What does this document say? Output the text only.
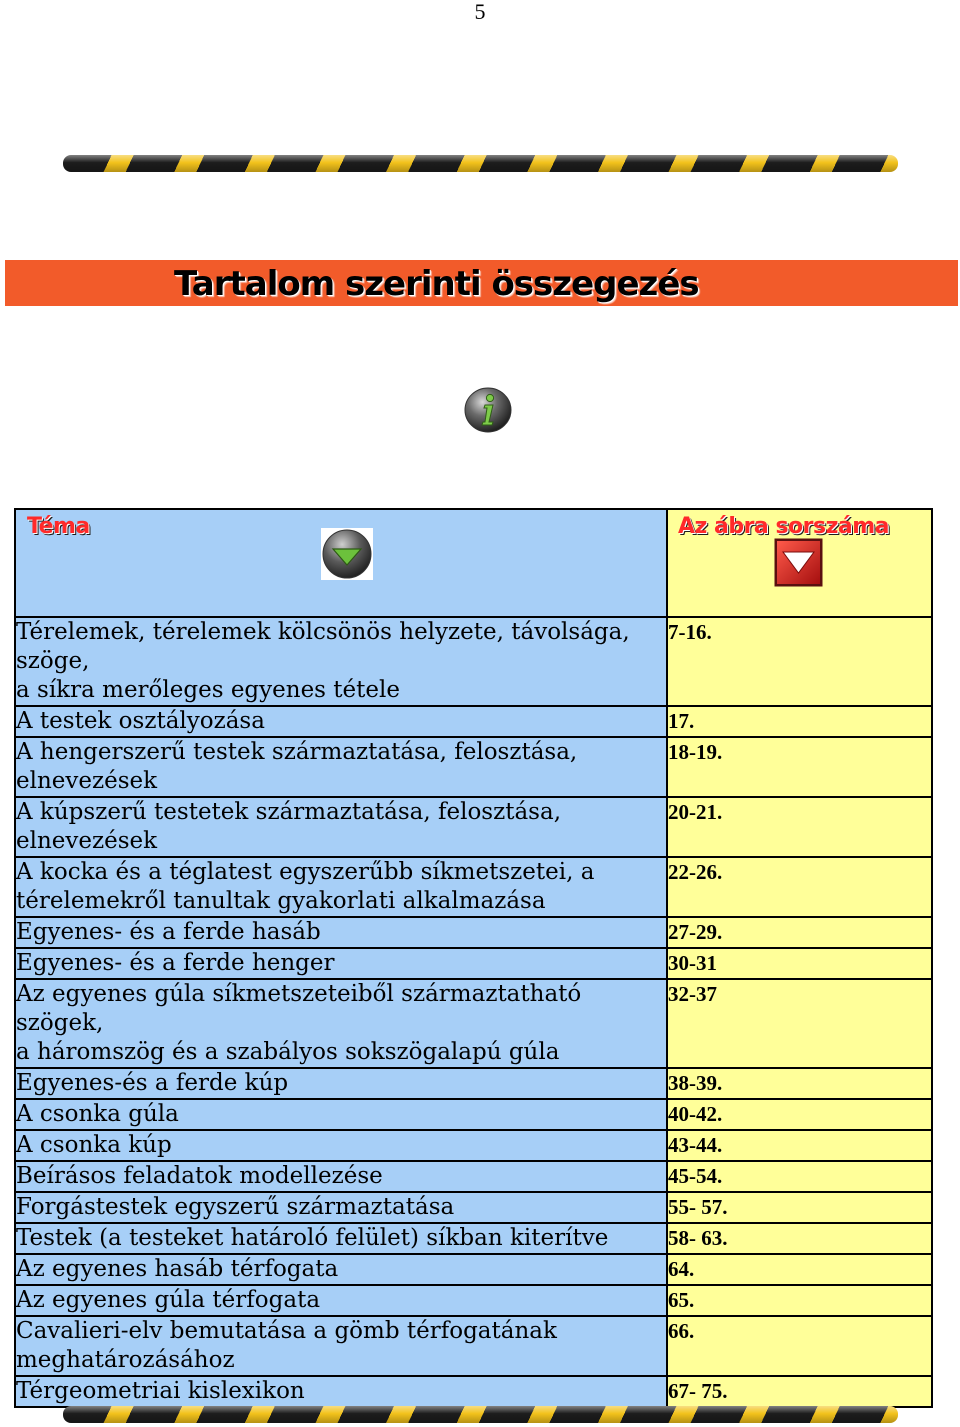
5
Tartalom szerinti összegezés
Téma	Az ábra sorszáma

Térelemek, térelemek kölcsönös helyzete, távolsága,
szöge,
a síkra merőleges egyenes tétele	7-16.
A testek osztályozása	17.
A hengerszerű testek származtatása, felosztása,
elnevezések	18-19.
A kúpszerű testetek származtatása, felosztása,
elnevezések	20-21.
A kocka és a téglatest egyszerűbb síkmetszetei, a
térelemekről tanultak gyakorlati alkalmazása	22-26.
Egyenes- és a ferde hasáb	27-29.
Egyenes- és a ferde henger	30-31
Az egyenes gúla síkmetszeteiből származtatható szögek,
a háromszög és a szabályos sokszögalapú gúla	32-37
Egyenes-és a ferde kúp	38-39.
A csonka gúla	40-42.
A csonka kúp	43-44.
Beírásos feladatok modellezése	45-54.
Forgástestek egyszerű származtatása	55- 57.
Testek (a testeket határoló felület) síkban kiterítve	58- 63.
Az egyenes hasáb térfogata	64.
Az egyenes gúla térfogata	65.
Cavalieri-elv bemutatása a gömb térfogatának
meghatározásához	66.
Térgeometriai kislexikon	67- 75.
